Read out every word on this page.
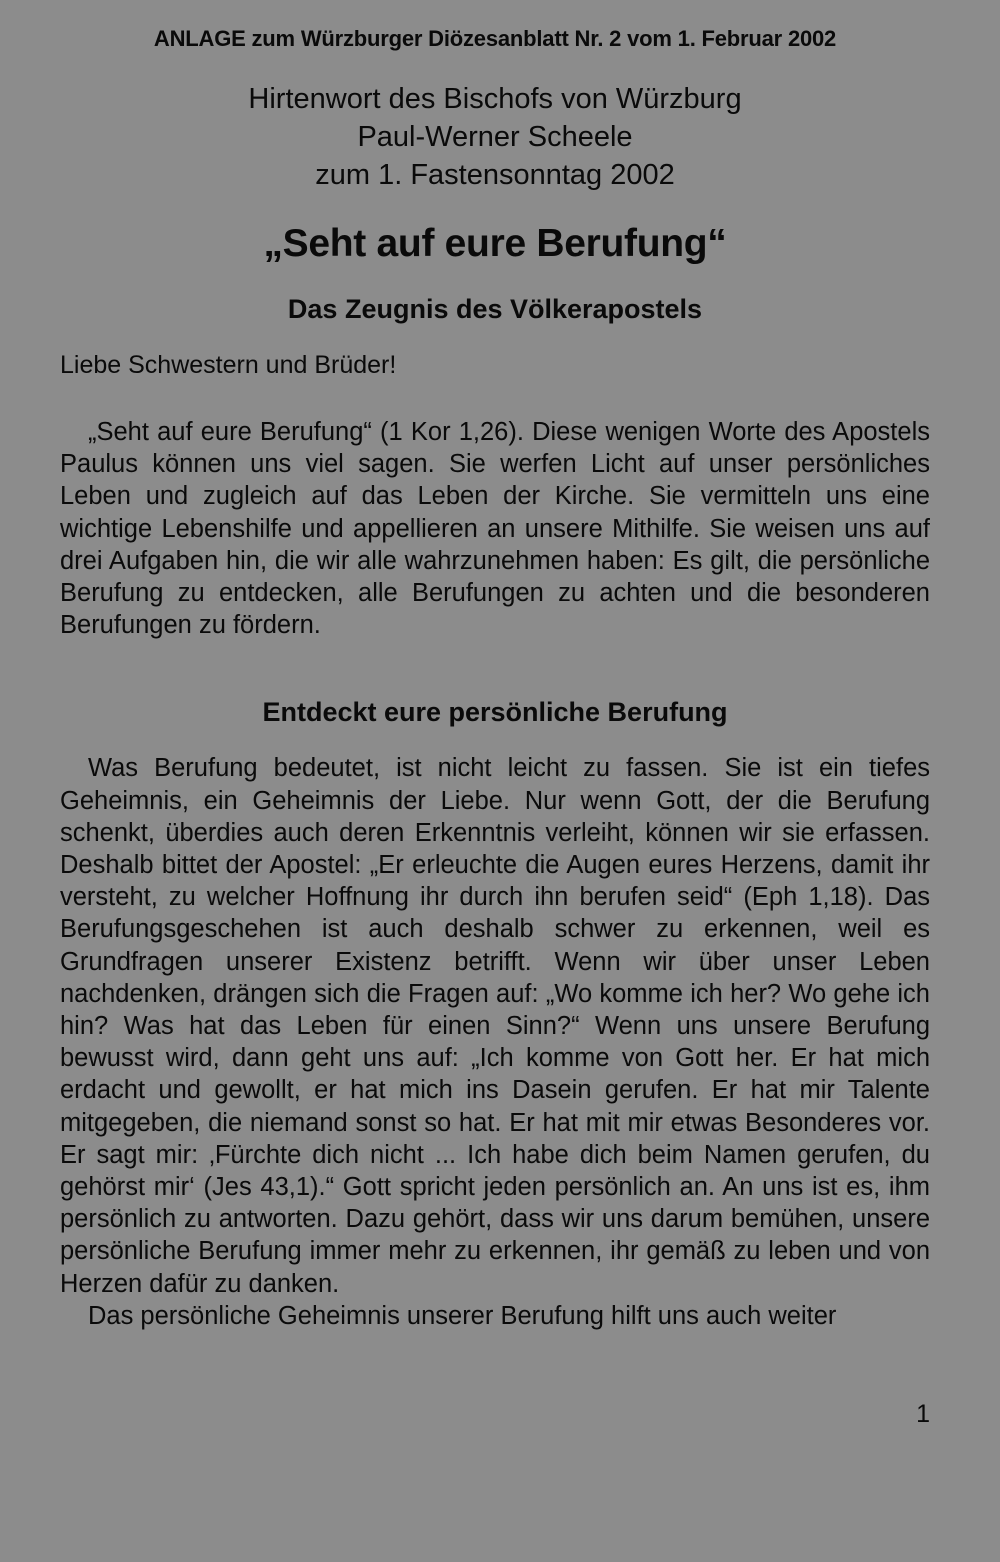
ANLAGE zum Würzburger Diözesanblatt Nr. 2 vom 1. Februar 2002
Hirtenwort des Bischofs von Würzburg
Paul-Werner Scheele
zum 1. Fastensonntag 2002
„Seht auf eure Berufung“
Das Zeugnis des Völkerapostels
Liebe Schwestern und Brüder!

„Seht auf eure Berufung“ (1 Kor 1,26). Diese wenigen Worte des Apostels Paulus können uns viel sagen. Sie werfen Licht auf unser persönliches Leben und zugleich auf das Leben der Kirche. Sie vermitteln uns eine wichtige Lebenshilfe und appellieren an unsere Mithilfe. Sie weisen uns auf drei Aufgaben hin, die wir alle wahrzunehmen haben: Es gilt, die persönliche Berufung zu entdecken, alle Berufungen zu achten und die besonderen Berufungen zu fördern.

Entdeckt eure persönliche Berufung

Was Berufung bedeutet, ist nicht leicht zu fassen. Sie ist ein tiefes Geheimnis, ein Geheimnis der Liebe. Nur wenn Gott, der die Berufung schenkt, überdies auch deren Erkenntnis verleiht, können wir sie erfassen. Deshalb bittet der Apostel: „Er erleuchte die Augen eures Herzens, damit ihr versteht, zu welcher Hoffnung ihr durch ihn berufen seid“ (Eph 1,18). Das Berufungsgeschehen ist auch deshalb schwer zu erkennen, weil es Grundfragen unserer Existenz betrifft. Wenn wir über unser Leben nachdenken, drängen sich die Fragen auf: „Wo komme ich her? Wo gehe ich hin? Was hat das Leben für einen Sinn?“ Wenn uns unsere Berufung bewusst wird, dann geht uns auf: „Ich komme von Gott her. Er hat mich erdacht und gewollt, er hat mich ins Dasein gerufen. Er hat mir Talente mitgegeben, die niemand sonst so hat. Er hat mit mir etwas Besonderes vor. Er sagt mir: ‚Fürchte dich nicht ... Ich habe dich beim Namen gerufen, du gehörst mir‘ (Jes 43,1).“ Gott spricht jeden persönlich an. An uns ist es, ihm persönlich zu antworten. Dazu gehört, dass wir uns darum bemühen, unsere persönliche Berufung immer mehr zu erkennen, ihr gemäß zu leben und von Herzen dafür zu danken.

Das persönliche Geheimnis unserer Berufung hilft uns auch weiter

1
